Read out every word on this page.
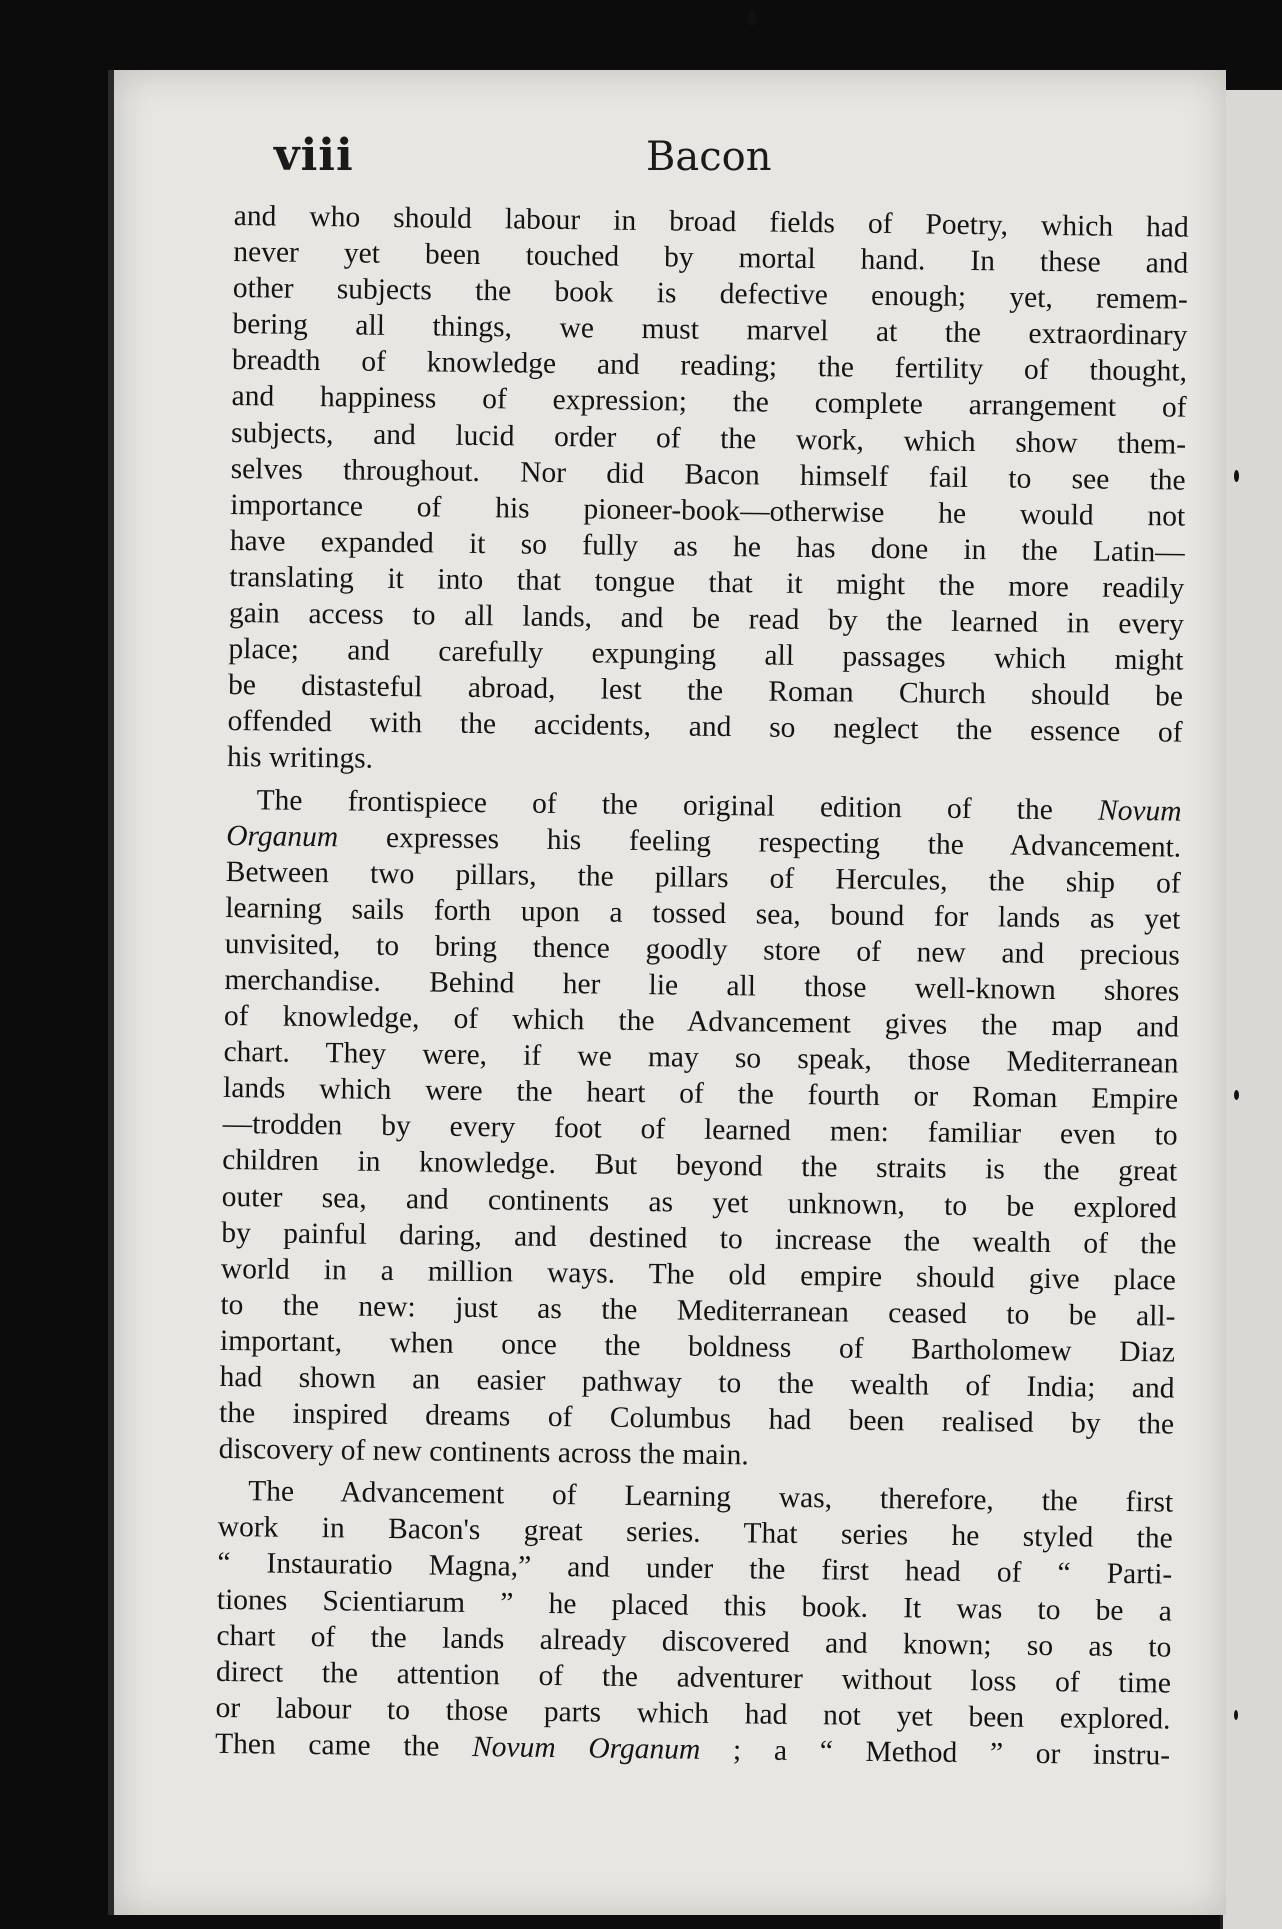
viii	Bacon
and who should labour in broad fields of Poetry, which had
never yet been touched by mortal hand. In these and
other subjects the book is defective enough; yet, remem-
bering all things, we must marvel at the extraordinary
breadth of knowledge and reading; the fertility of thought,
and happiness of expression; the complete arrangement of
subjects, and lucid order of the work, which show them-
selves throughout. Nor did Bacon himself fail to see the
importance of his pioneer-book—otherwise he would not
have expanded it so fully as he has done in the Latin—
translating it into that tongue that it might the more readily
gain access to all lands, and be read by the learned in every
place; and carefully expunging all passages which might
be distasteful abroad, lest the Roman Church should be
offended with the accidents, and so neglect the essence of
his writings.
The frontispiece of the original edition of the Novum
Organum expresses his feeling respecting the Advancement.
Between two pillars, the pillars of Hercules, the ship of
learning sails forth upon a tossed sea, bound for lands as yet
unvisited, to bring thence goodly store of new and precious
merchandise. Behind her lie all those well-known shores
of knowledge, of which the Advancement gives the map and
chart. They were, if we may so speak, those Mediterranean
lands which were the heart of the fourth or Roman Empire
—trodden by every foot of learned men: familiar even to
children in knowledge. But beyond the straits is the great
outer sea, and continents as yet unknown, to be explored
by painful daring, and destined to increase the wealth of the
world in a million ways. The old empire should give place
to the new: just as the Mediterranean ceased to be all-
important, when once the boldness of Bartholomew Diaz
had shown an easier pathway to the wealth of India; and
the inspired dreams of Columbus had been realised by the
discovery of new continents across the main.
The Advancement of Learning was, therefore, the first
work in Bacon's great series. That series he styled the
“ Instauratio Magna,” and under the first head of “ Parti-
tiones Scientiarum ” he placed this book. It was to be a
chart of the lands already discovered and known; so as to
direct the attention of the adventurer without loss of time
or labour to those parts which had not yet been explored.
Then came the Novum Organum ; a “ Method ” or instru-
